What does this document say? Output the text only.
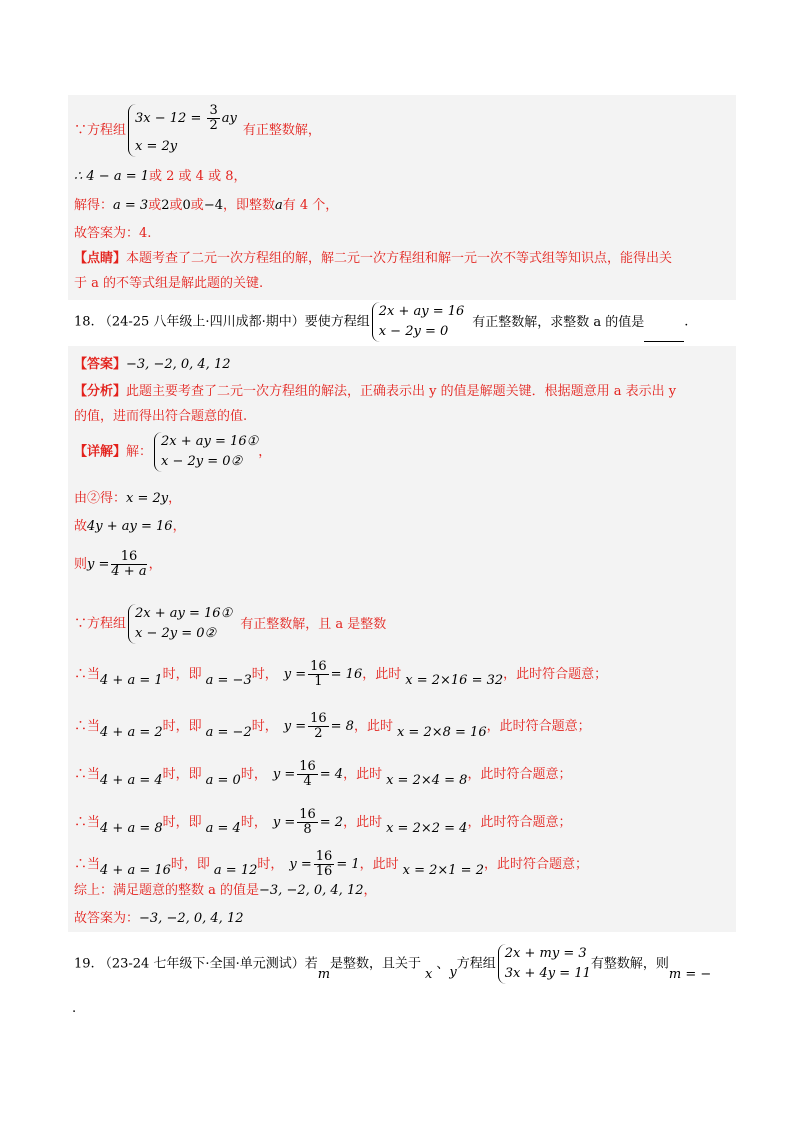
∵方程组
$3x - 12 = \frac{3}{2}$ ay
x = 2y
有正整数解，
∴ 4 − a = 1或 2 或 4 或 8，
解得：a = 3或2或0或−4，即整数a有 4 个，
故答案为：4.
【点睛】本题考查了二元一次方程组的解，解二元一次方程组和解一元一次不等式组等知识点，能得出关
于 a 的不等式组是解此题的关键.
18. （24-25 八年级上·四川成都·期中）要使方程组
2x + ay = 16
x − 2y = 0
有正整数解，求整数 a 的值是	.
【答案】−3, −2, 0, 4, 12
【分析】此题主要考查了二元一次方程组的解法，正确表示出 y 的值是解题关键．根据题意用 a 表示出 y
的值，进而得出符合题意的值.
【详解】解：
2x + ay = 16①
x − 2y = 0②
，
由②得：x = 2y，
故4y + ay = 16，
则$y = \frac{16}{4 + a}$ ，
∵方程组
2x + ay = 16①
x − 2y = 0②
有正整数解，且 a 是整数
∴当4 + a = 1时，即 a = −3时， $y = \frac{16}{1} = 16$，此时 x = 2×16 = 32，此时符合题意；
∴当4 + a = 2时，即 a = −2时， $y = \frac{16}{2} = 8$，此时 x = 2×8 = 16，此时符合题意；
∴当4 + a = 4时，即 a = 0时， $y = \frac{16}{4} = 4$，此时 x = 2×4 = 8，此时符合题意；
∴当4 + a = 8时，即 a = 4时， $y = \frac{16}{8} = 2$，此时 x = 2×2 = 4，此时符合题意；
∴当4 + a = 16时，即 a = 12时， $y = \frac{16}{16} = 1$，此时 x = 2×1 = 2，此时符合题意；
综上：满足题意的整数 a 的值是−3, −2, 0, 4, 12，
故答案为：−3, −2, 0, 4, 12
19. （23-24 七年级下·全国·单元测试）若m是整数，且关于x、y方程组
2x + my = 3
3x + 4y = 11
有整数解，则m = −
.
